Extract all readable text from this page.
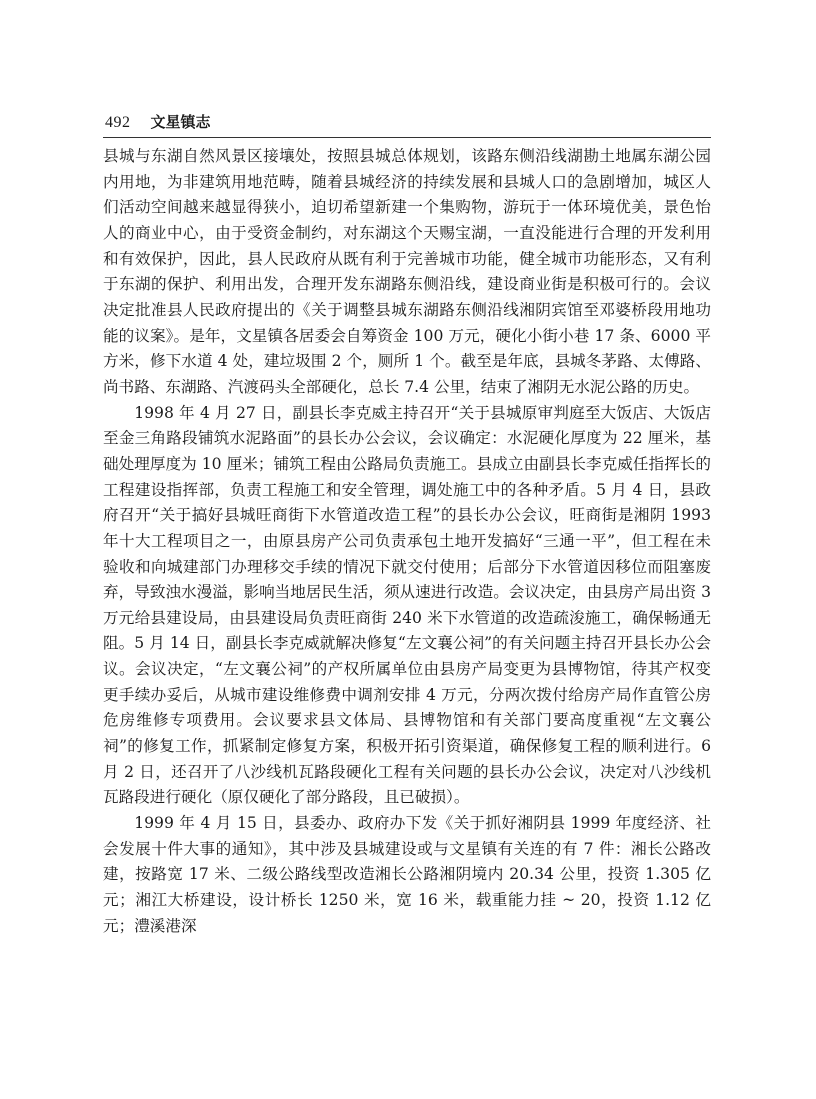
492 文星镇志

县城与东湖自然风景区接壤处，按照县城总体规划，该路东侧沿线湖勘土地属东湖公园内用地，为非建筑用地范畴，随着县城经济的持续发展和县城人口的急剧增加，城区人们活动空间越来越显得狭小，迫切希望新建一个集购物，游玩于一体环境优美，景色怡人的商业中心，由于受资金制约，对东湖这个天赐宝湖，一直没能进行合理的开发利用和有效保护，因此，县人民政府从既有利于完善城市功能，健全城市功能形态，又有利于东湖的保护、利用出发，合理开发东湖路东侧沿线，建设商业街是积极可行的。会议决定批准县人民政府提出的《关于调整县城东湖路东侧沿线湘阴宾馆至邓婆桥段用地功能的议案》。是年，文星镇各居委会自筹资金 100 万元，硬化小街小巷 17 条、6000 平方米，修下水道 4 处，建垃圾围 2 个，厕所 1 个。截至是年底，县城冬茅路、太傅路、尚书路、东湖路、汽渡码头全部硬化，总长 7.4 公里，结束了湘阴无水泥公路的历史。

1998 年 4 月 27 日，副县长李克威主持召开“关于县城原审判庭至大饭店、大饭店至金三角路段铺筑水泥路面”的县长办公会议，会议确定：水泥硬化厚度为 22 厘米，基础处理厚度为 10 厘米；铺筑工程由公路局负责施工。县成立由副县长李克威任指挥长的工程建设指挥部，负责工程施工和安全管理，调处施工中的各种矛盾。5 月 4 日，县政府召开“关于搞好县城旺商街下水管道改造工程”的县长办公会议，旺商街是湘阴 1993 年十大工程项目之一，由原县房产公司负责承包土地开发搞好“三通一平”，但工程在未验收和向城建部门办理移交手续的情况下就交付使用；后部分下水管道因移位而阻塞废弃，导致浊水漫溢，影响当地居民生活，须从速进行改造。会议决定，由县房产局出资 3 万元给县建设局，由县建设局负责旺商街 240 米下水管道的改造疏浚施工，确保畅通无阻。5 月 14 日，副县长李克威就解决修复“左文襄公祠”的有关问题主持召开县长办公会议。会议决定，“左文襄公祠”的产权所属单位由县房产局变更为县博物馆，待其产权变更手续办妥后，从城市建设维修费中调剂安排 4 万元，分两次拨付给房产局作直管公房危房维修专项费用。会议要求县文体局、县博物馆和有关部门要高度重视“左文襄公祠”的修复工作，抓紧制定修复方案，积极开拓引资渠道，确保修复工程的顺利进行。6 月 2 日，还召开了八沙线机瓦路段硬化工程有关问题的县长办公会议，决定对八沙线机瓦路段进行硬化（原仅硬化了部分路段，且已破损）。

1999 年 4 月 15 日，县委办、政府办下发《关于抓好湘阴县 1999 年度经济、社会发展十件大事的通知》，其中涉及县城建设或与文星镇有关连的有 7 件：湘长公路改建，按路宽 17 米、二级公路线型改造湘长公路湘阴境内 20.34 公里，投资 1.305 亿元；湘江大桥建设，设计桥长 1250 米，宽 16 米，载重能力挂 ~ 20，投资 1.12 亿元；澧溪港深
